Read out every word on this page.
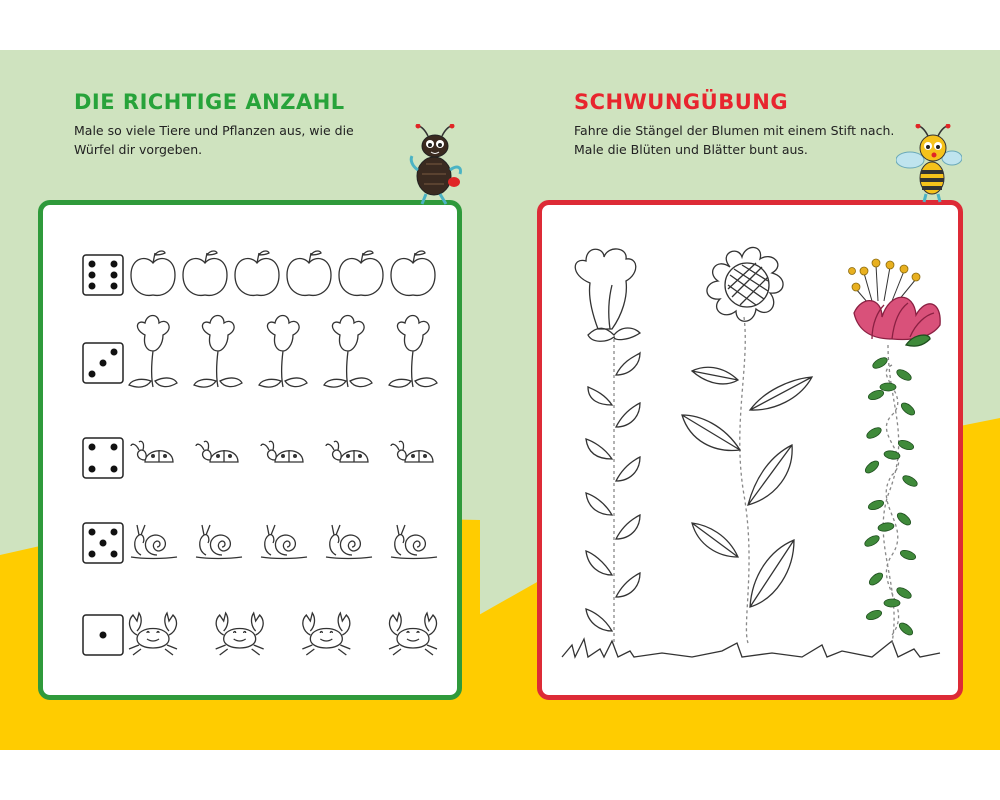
DIE RICHTIGE ANZAHL

Male so viele Tiere und Pflanzen aus, wie die
Würfel dir vorgeben.

SCHWUNGÜBUNG

Fahre die Stängel der Blumen mit einem Stift nach.
Male die Blüten und Blätter bunt aus.
